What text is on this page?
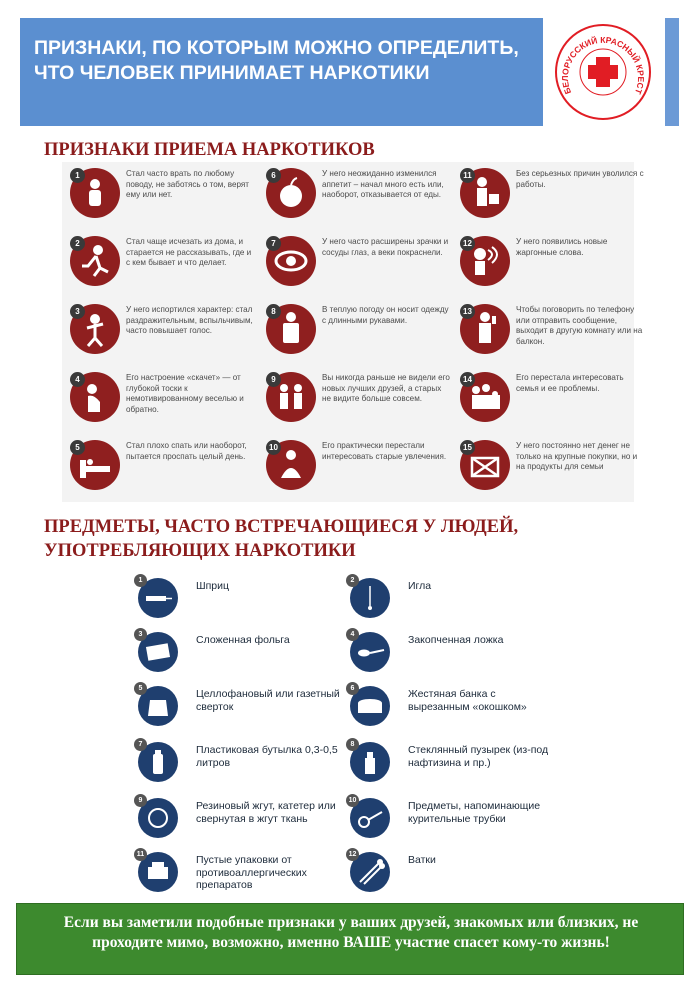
ПРИЗНАКИ, ПО КОТОРЫМ МОЖНО ОПРЕДЕЛИТЬ, ЧТО ЧЕЛОВЕК ПРИНИМАЕТ НАРКОТИКИ
БЕЛОРУССКИЙ КРАСНЫЙ КРЕСТ
ПРИЗНАКИ ПРИЕМА НАРКОТИКОВ
1	Стал часто врать по любому поводу, не заботясь о том, верят ему или нет.
2	Стал чаще исчезать из дома, и старается не рассказывать, где и с кем бывает и что делает.
3	У него испортился характер: стал раздражительным, вспыльчивым, часто повышает голос.
4	Его настроение «скачет» — от глубокой тоски к немотивированному веселью и обратно.
5	Стал плохо спать или наоборот, пытается проспать целый день.
6	У него неожиданно изменился аппетит – начал много есть или, наоборот, отказывается от еды.
7	У него часто расширены зрачки и сосуды глаз, а веки покраснели.
8	В теплую погоду он носит одежду с длинными рукавами.
9	Вы никогда раньше не видели его новых лучших друзей, а старых не видите больше совсем.
10	Его практически перестали интересовать старые увлечения.
11	Без серьезных причин уволился с работы.
12	У него появились новые жаргонные слова.
13	Чтобы поговорить по телефону или отправить сообщение, выходит в другую комнату или на балкон.
14	Его перестала интересовать семья и ее проблемы.
15	У него постоянно нет денег не только на крупные покупки, но и на продукты для семьи
ПРЕДМЕТЫ, ЧАСТО ВСТРЕЧАЮЩИЕСЯ У ЛЮДЕЙ, УПОТРЕБЛЯЮЩИХ НАРКОТИКИ
1	Шприц	2	Игла
3	Сложенная фольга	4	Закопченная ложка
5	Целлофановый или газетный сверток
6	Жестяная банка с вырезанным «окошком»
7	Пластиковая бутылка 0,3-0,5 литров
8	Стеклянный пузырек (из-под нафтизина и пр.)
9	Резиновый жгут, катетер или свернутая в жгут ткань
10	Предметы, напоминающие курительные трубки
11	Пустые упаковки от противоаллергических препаратов
12	Ватки
Если вы заметили подобные признаки у ваших друзей, знакомых или близких, не проходите мимо, возможно, именно ВАШЕ участие спасет кому-то жизнь!
